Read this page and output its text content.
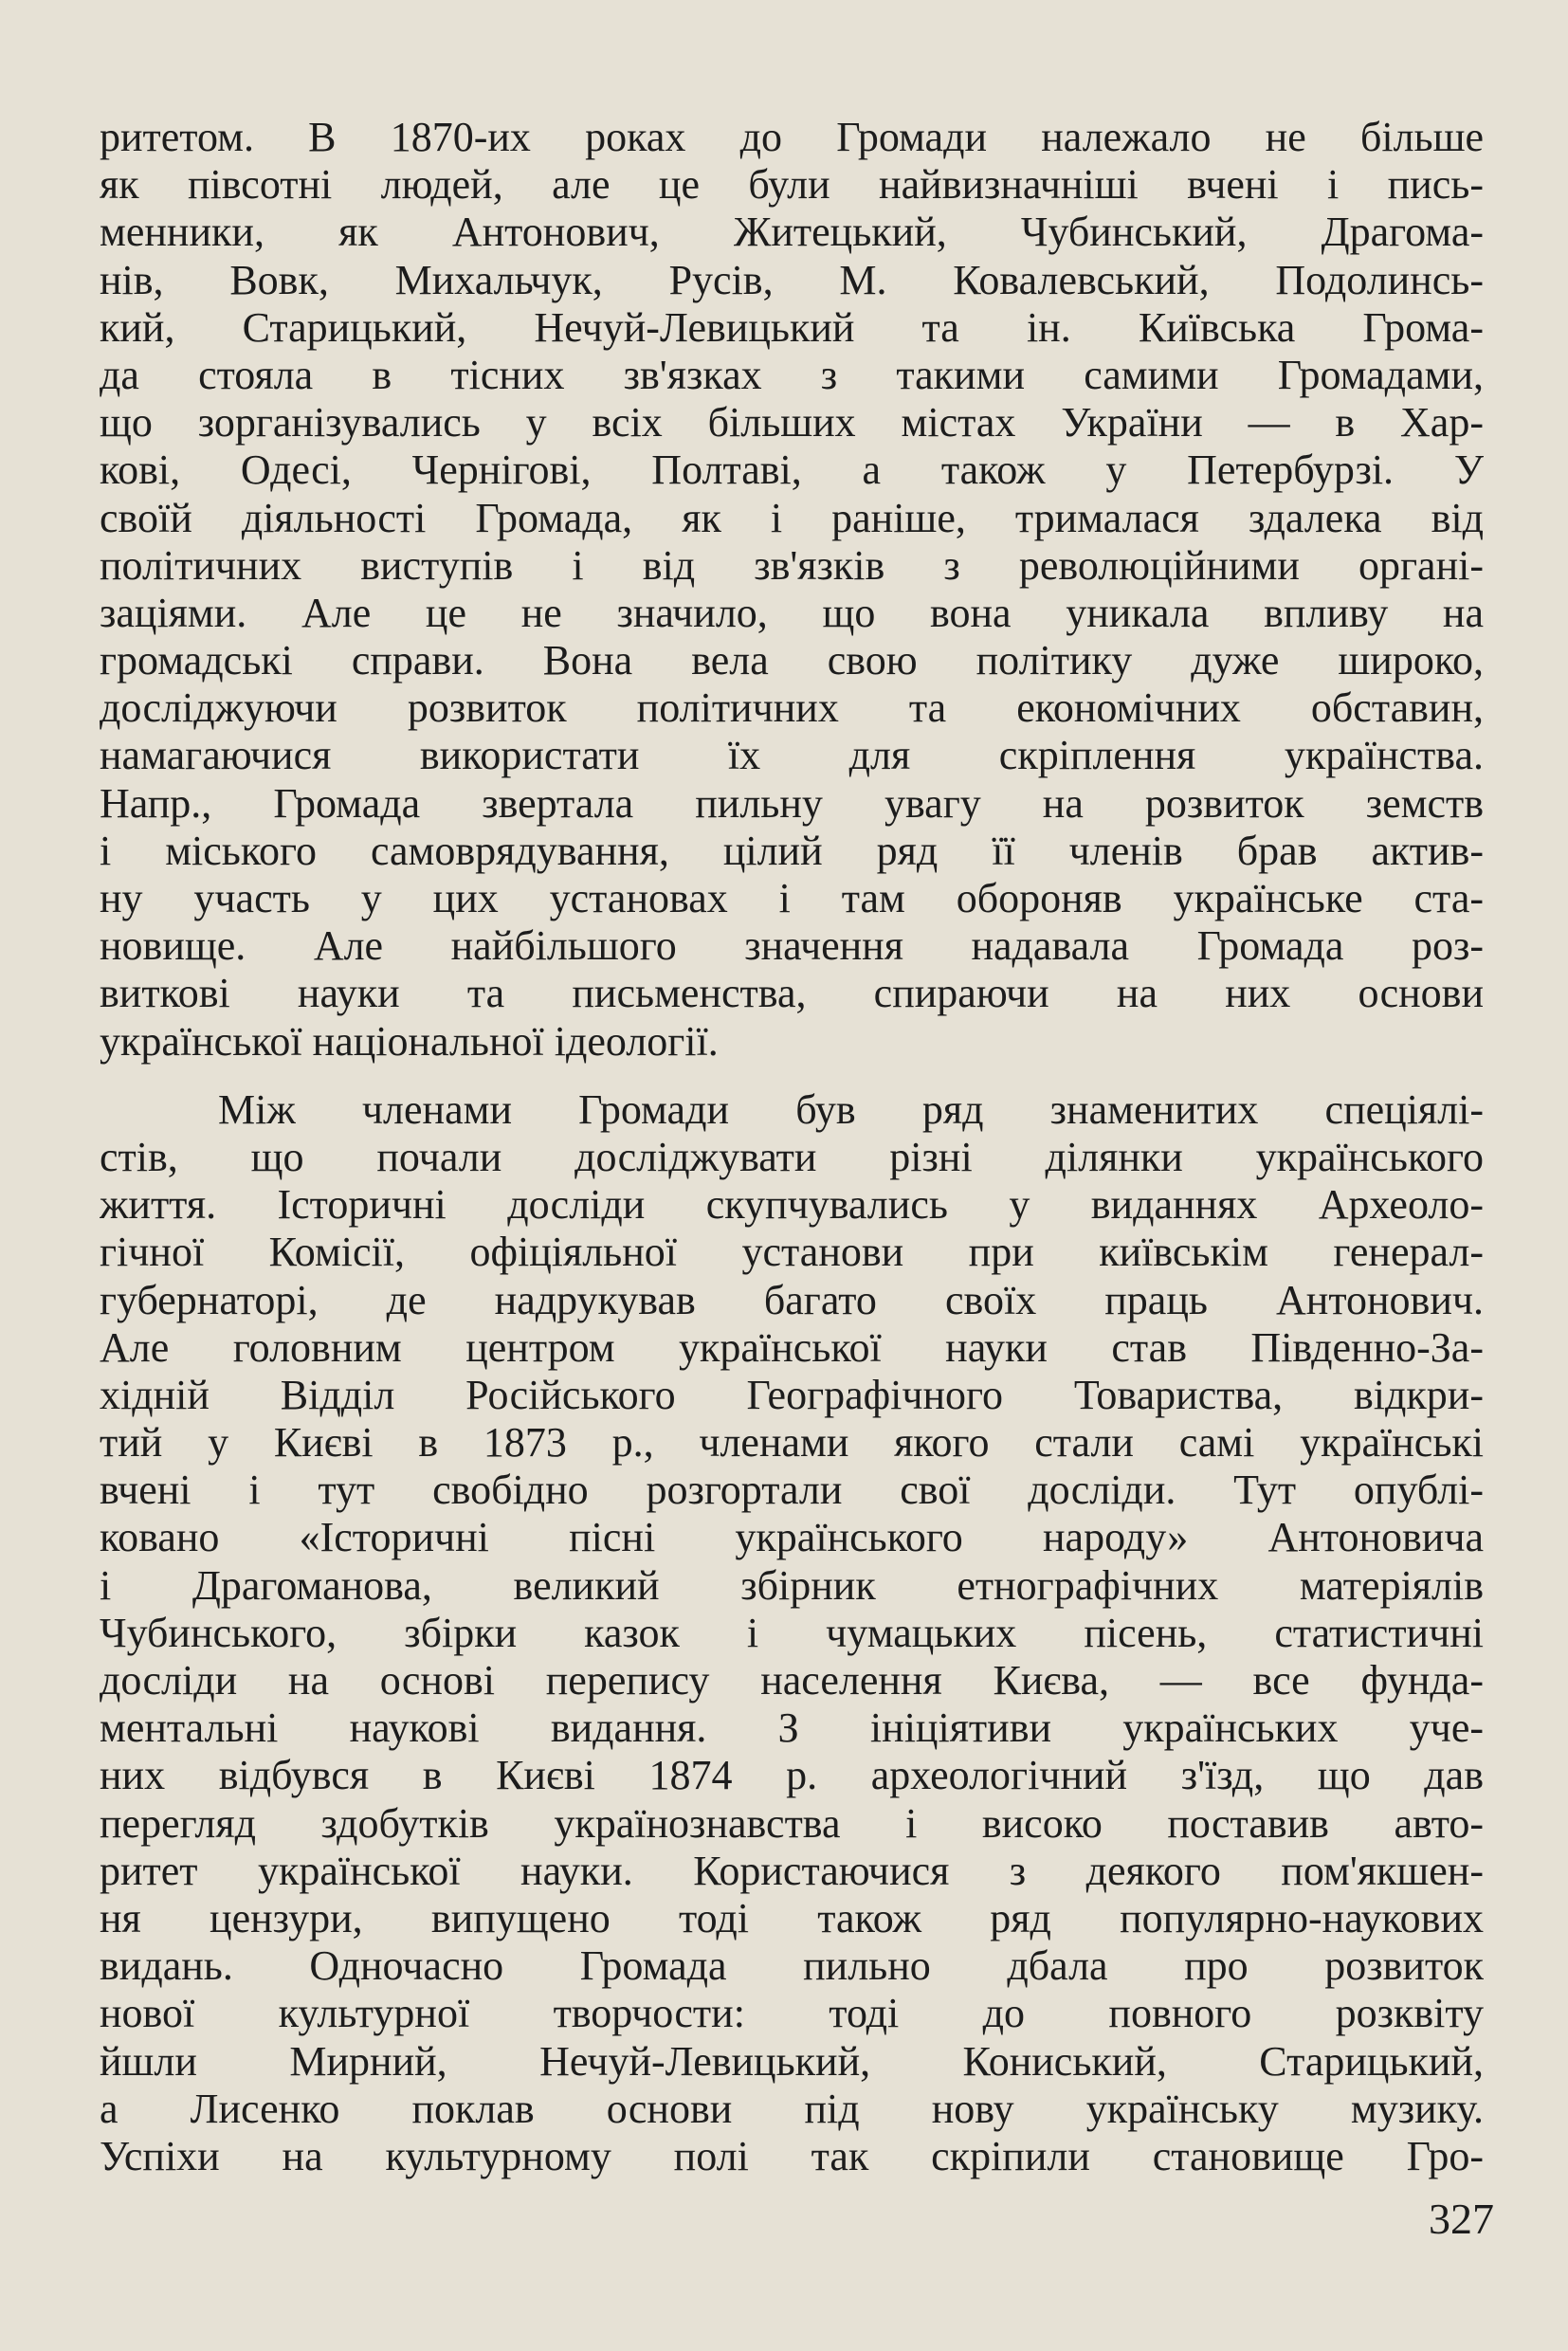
ритетом. В 1870-их роках до Громади належало не більше
як півсотні людей, але це були найвизначніші вчені і пись-
менники, як Антонович, Житецький, Чубинський, Драгома-
нів, Вовк, Михальчук, Русів, М. Ковалевський, Подолинсь-
кий, Старицький, Нечуй-Левицький та ін. Київська Грома-
да стояла в тісних зв'язках з такими самими Громадами,
що зорганізувались у всіх більших містах України — в Хар-
кові, Одесі, Чернігові, Полтаві, а також у Петербурзі. У
своїй діяльності Громада, як і раніше, трималася здалека від
політичних виступів і від зв'язків з революційними органі-
заціями. Але це не значило, що вона уникала впливу на
громадські справи. Вона вела свою політику дуже широко,
досліджуючи розвиток політичних та економічних обставин,
намагаючися використати їх для скріплення українства.
Напр., Громада звертала пильну увагу на розвиток земств
і міського самоврядування, цілий ряд її членів брав актив-
ну участь у цих установах і там обороняв українське ста-
новище. Але найбільшого значення надавала Громада роз-
виткові науки та письменства, спираючи на них основи
української національної ідеології.
Між членами Громади був ряд знаменитих спеціялі-
стів, що почали досліджувати різні ділянки українського
життя. Історичні досліди скупчувались у виданнях Археоло-
гічної Комісії, офіціяльної установи при київськім генерал-
губернаторі, де надрукував багато своїх праць Антонович.
Але головним центром української науки став Південно-За-
хідній Відділ Російського Географічного Товариства, відкри-
тий у Києві в 1873 р., членами якого стали самі українські
вчені і тут свобідно розгортали свої досліди. Тут опублі-
ковано «Історичні пісні українського народу» Антоновича
і Драгоманова, великий збірник етнографічних матеріялів
Чубинського, збірки казок і чумацьких пісень, статистичні
досліди на основі перепису населення Києва, — все фунда-
ментальні наукові видання. З ініціятиви українських уче-
них відбувся в Києві 1874 р. археологічний з'їзд, що дав
перегляд здобутків українознавства і високо поставив авто-
ритет української науки. Користаючися з деякого пом'якшен-
ня цензури, випущено тоді також ряд популярно-наукових
видань. Одночасно Громада пильно дбала про розвиток
нової культурної творчости: тоді до повного розквіту
йшли Мирний, Нечуй-Левицький, Кониський, Старицький,
а Лисенко поклав основи під нову українську музику.
Успіхи на культурному полі так скріпили становище Гро-
327
